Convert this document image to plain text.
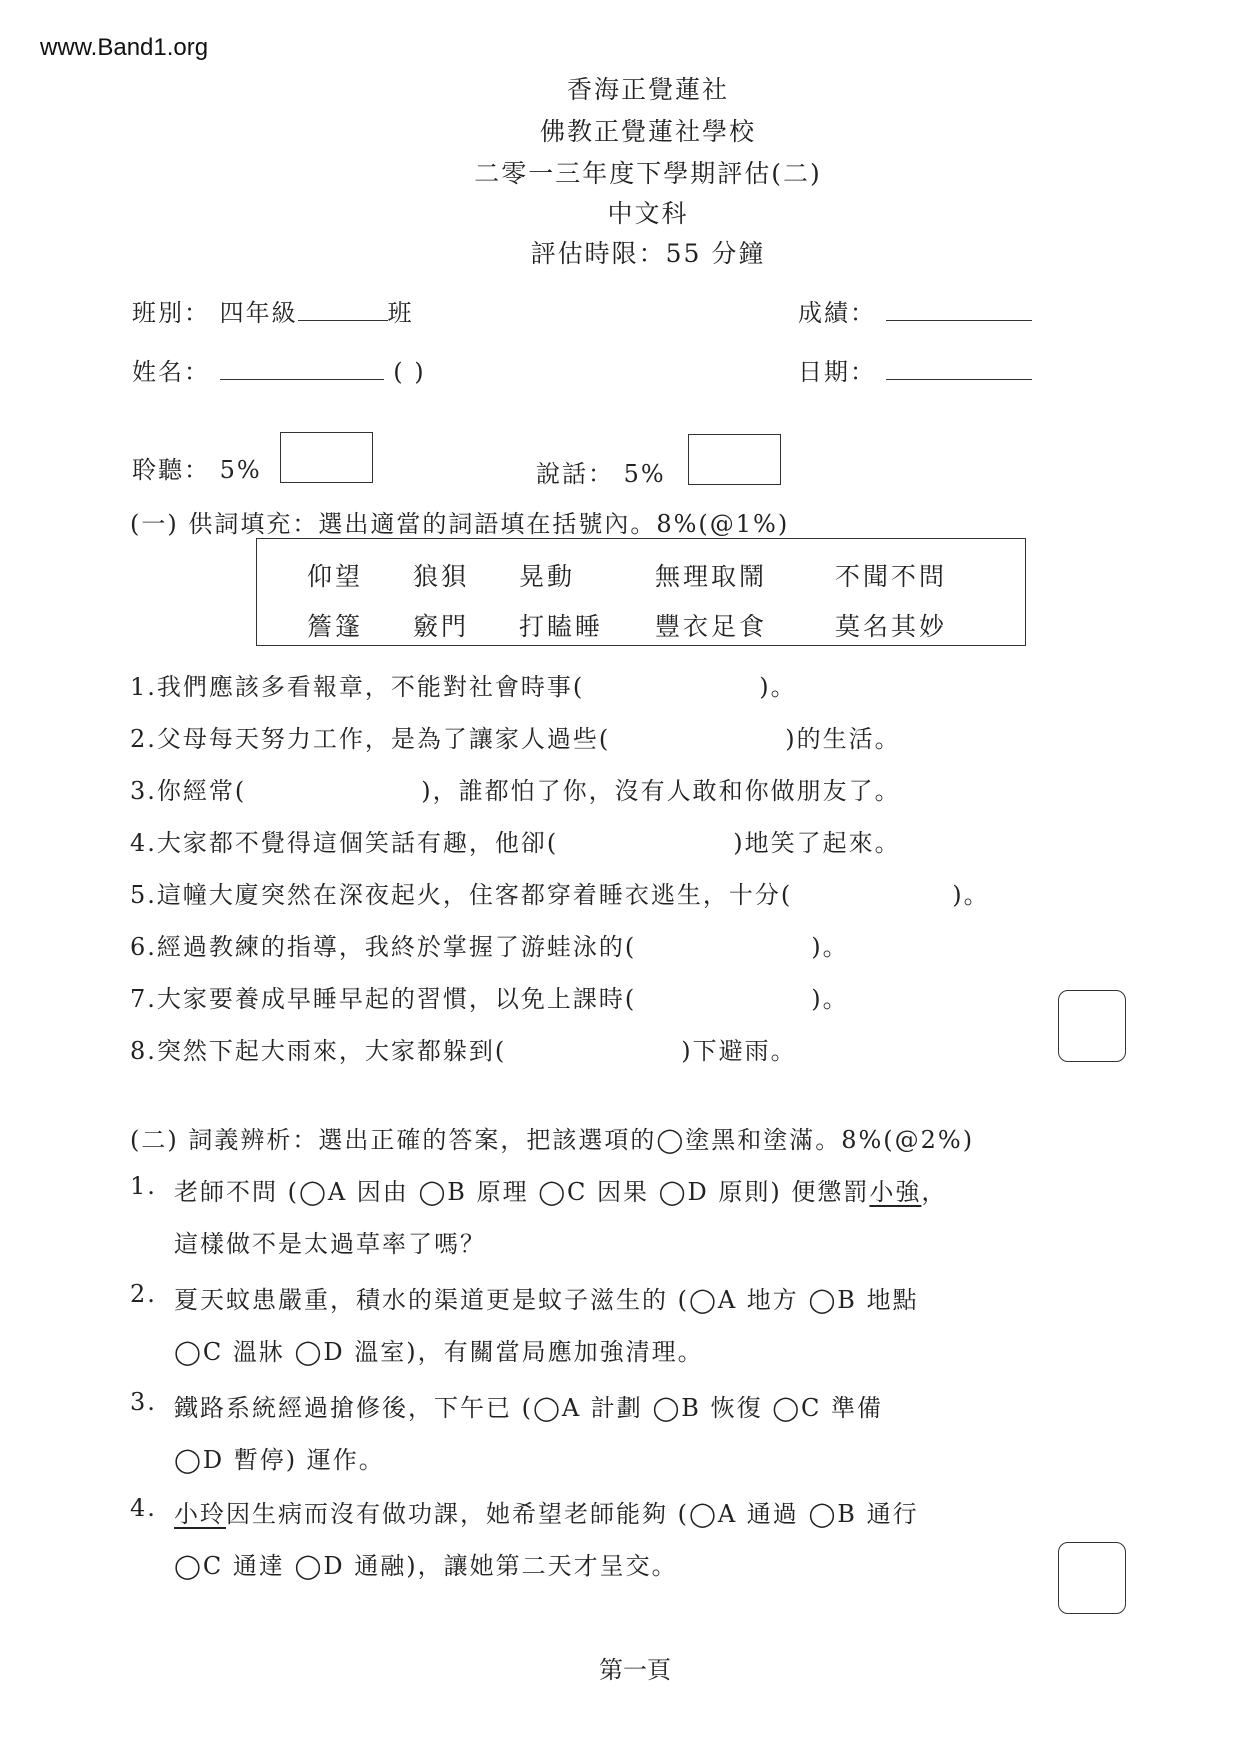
www.Band1.org
香海正覺蓮社
佛教正覺蓮社學校
二零一三年度下學期評估(二)
中文科
評估時限：55 分鐘
班別： 四年級	班	成績：
姓名：	( )	日期：
聆聽： 5%	說話： 5%
(一) 供詞填充：選出適當的詞語填在括號內。8%(@1%)
仰望 狼狽 晃動	無理取鬧	不聞不問
簷篷 竅門 打瞌睡 豐衣足食	莫名其妙
1.我們應該多看報章，不能對社會時事(	)。
2.父母每天努力工作，是為了讓家人過些(	)的生活。
3.你經常(	)，誰都怕了你，沒有人敢和你做朋友了。
4.大家都不覺得這個笑話有趣，他卻(	)地笑了起來。
5.這幢大廈突然在深夜起火，住客都穿着睡衣逃生，十分(	)。
6.經過教練的指導，我終於掌握了游蛙泳的(	)。
7.大家要養成早睡早起的習慣，以免上課時(	)。
8.突然下起大雨來，大家都躲到(	)下避雨。
(二) 詞義辨析：選出正確的答案，把該選項的◯塗黑和塗滿。8%(@2%)
1. 老師不問 (◯A 因由 ◯B 原理 ◯C 因果 ◯D 原則) 便懲罰小強，
這樣做不是太過草率了嗎？
2. 夏天蚊患嚴重，積水的渠道更是蚊子滋生的 (◯A 地方 ◯B 地點
◯C 溫牀 ◯D 溫室)，有關當局應加強清理。
3. 鐵路系統經過搶修後，下午已 (◯A 計劃 ◯B 恢復 ◯C 準備
◯D 暫停) 運作。
4. 小玲因生病而沒有做功課，她希望老師能夠 (◯A 通過 ◯B 通行
◯C 通達 ◯D 通融)，讓她第二天才呈交。
第一頁
